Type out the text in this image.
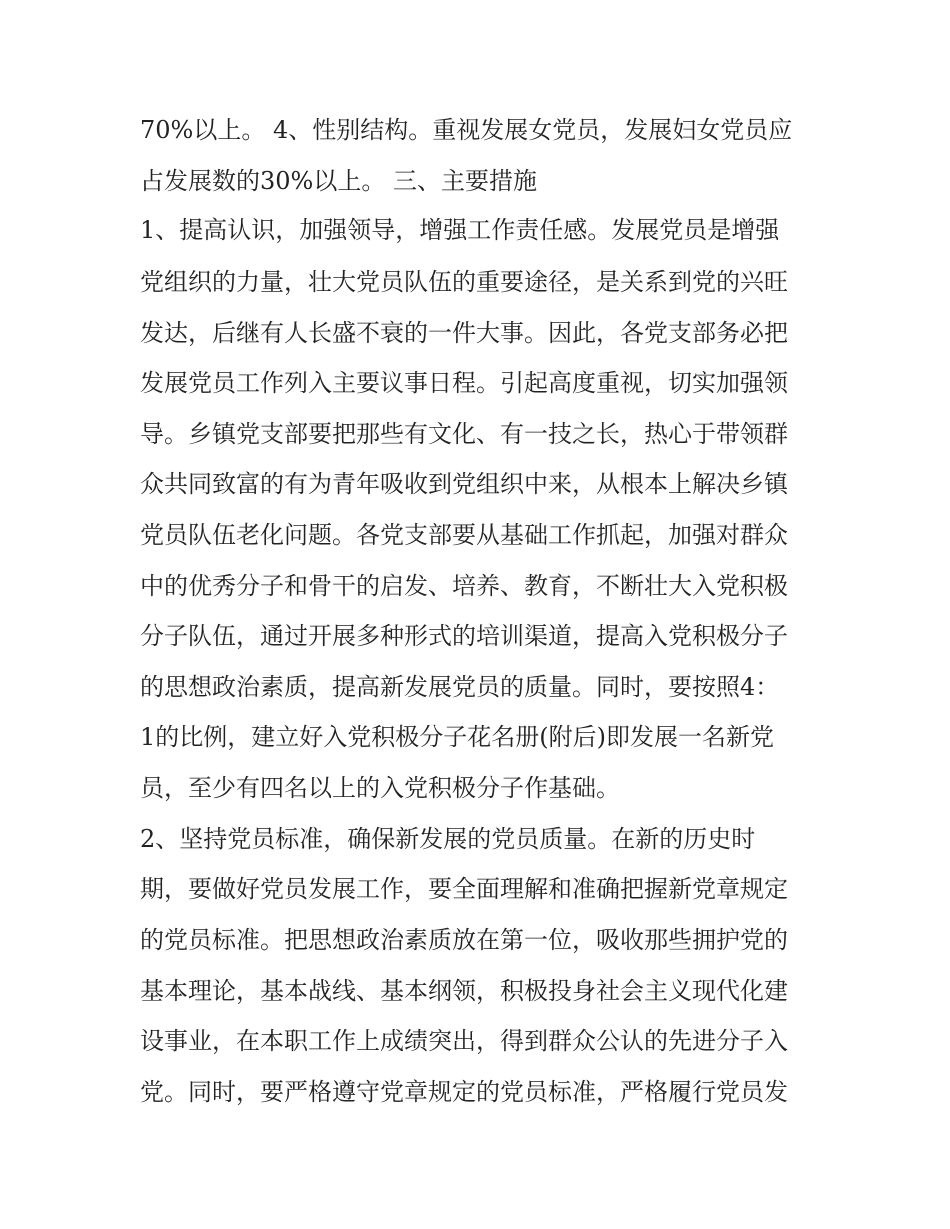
70%以上。 4、性别结构。重视发展女党员，发展妇女党员应
占发展数的30%以上。 三、主要措施
1、提高认识，加强领导，增强工作责任感。发展党员是增强
党组织的力量，壮大党员队伍的重要途径，是关系到党的兴旺
发达，后继有人长盛不衰的一件大事。因此，各党支部务必把
发展党员工作列入主要议事日程。引起高度重视，切实加强领
导。乡镇党支部要把那些有文化、有一技之长，热心于带领群
众共同致富的有为青年吸收到党组织中来，从根本上解决乡镇
党员队伍老化问题。各党支部要从基础工作抓起，加强对群众
中的优秀分子和骨干的启发、培养、教育，不断壮大入党积极
分子队伍，通过开展多种形式的培训渠道，提高入党积极分子
的思想政治素质，提高新发展党员的质量。同时，要按照4：
1的比例，建立好入党积极分子花名册(附后)即发展一名新党
员，至少有四名以上的入党积极分子作基础。
2、坚持党员标准，确保新发展的党员质量。在新的历史时
期，要做好党员发展工作，要全面理解和准确把握新党章规定
的党员标准。把思想政治素质放在第一位，吸收那些拥护党的
基本理论，基本战线、基本纲领，积极投身社会主义现代化建
设事业，在本职工作上成绩突出，得到群众公认的先进分子入
党。同时，要严格遵守党章规定的党员标准，严格履行党员发
